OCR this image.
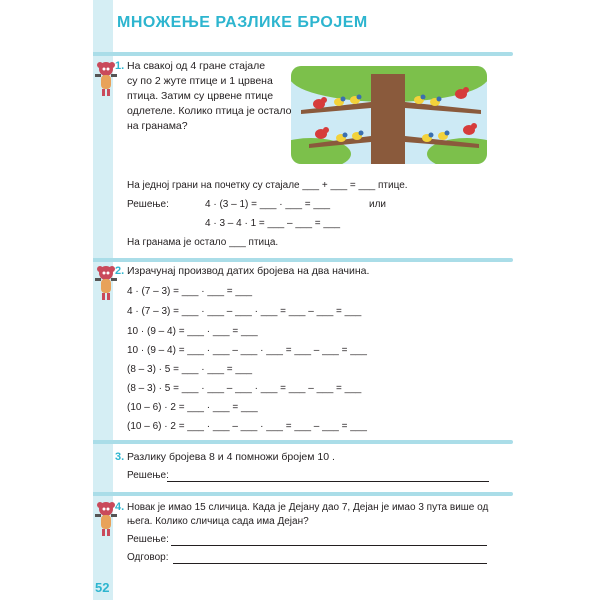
МНОЖЕЊЕ РАЗЛИКЕ БРОЈЕМ
1. На свакој од 4 гране стајале
су по 2 жуте птице и 1 црвена
птица. Затим су црвене птице
одлетеле. Колико птица је остало
на гранама?
На једној грани на почетку су стајале ___ + ___ = ___ птице.
Решење:	4 · (3 – 1) = ___ · ___ = ___	или
4 · 3 – 4 · 1 = ___ – ___ = ___
На гранама је остало ___ птица.
2. Израчунај производ датих бројева на два начина.
4 · (7 – 3) = ___ · ___ = ___
4 · (7 – 3) = ___ · ___ – ___ · ___ = ___ – ___ = ___
10 · (9 – 4) = ___ · ___ = ___
10 · (9 – 4) = ___ · ___ – ___ · ___ = ___ – ___ = ___
(8 – 3) · 5 = ___ · ___ = ___
(8 – 3) · 5 = ___ · ___ – ___ · ___ = ___ – ___ = ___
(10 – 6) · 2 = ___ · ___ = ___
(10 – 6) · 2 = ___ · ___ – ___ · ___ = ___ – ___ = ___
3. Разлику бројева 8 и 4 помножи бројем 10 .
Решење:
4. Новак је имао 15 сличица. Када је Дејану дао 7, Дејан је имао 3 пута више од
њега. Колико сличица сада има Дејан?
Решење:
Одговор:
52
